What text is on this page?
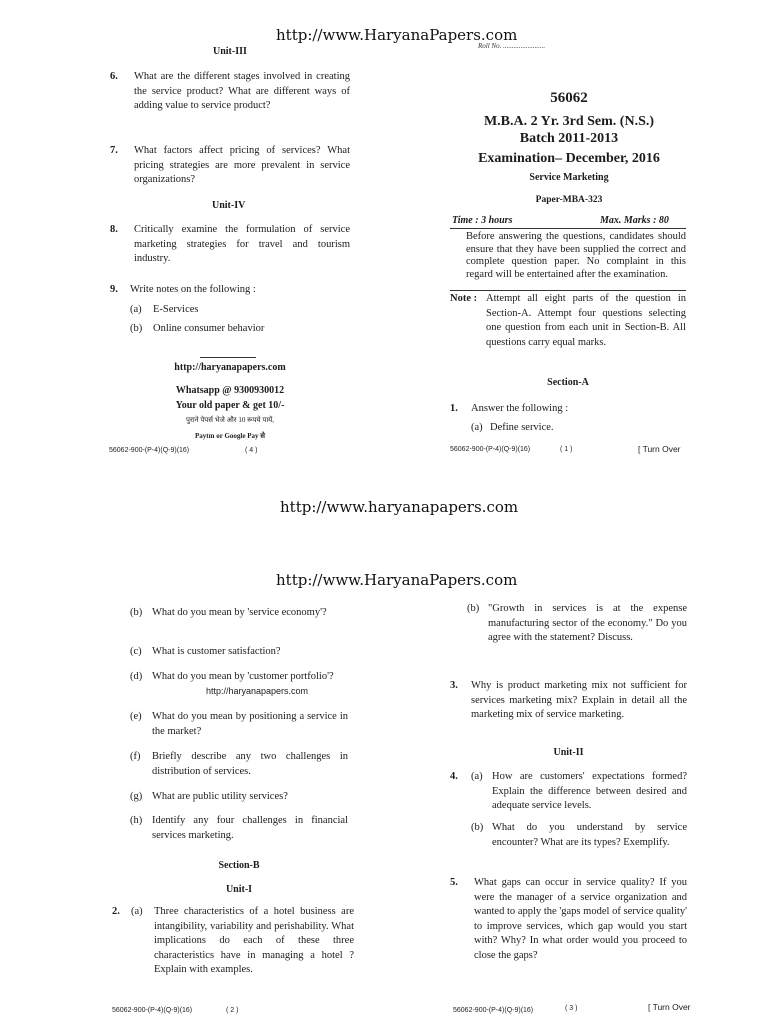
http://www.HaryanaPapers.com
Unit-III
6. What are the different stages involved in creating the service product? What are different ways of adding value to service product?
7. What factors affect pricing of services? What pricing strategies are more prevalent in service organizations?
Unit-IV
8. Critically examine the formulation of service marketing strategies for travel and tourism industry.
9. Write notes on the following :
(a) E-Services
(b) Online consumer behavior
http://haryanapapers.com
Whatsapp @ 9300930012
Your old paper & get 10/-
पुराने पेपर्स भेजे और 10 रूपये पायें,
Paytm or Google Pay से
56062-900-(P-4)(Q-9)(16)	( 4 )
Roll No. ........................
56062
M.B.A. 2 Yr. 3rd Sem. (N.S.)
Batch 2011-2013
Examination– December, 2016
Service Marketing
Paper-MBA-323
Time : 3 hours	Max. Marks : 80
Before answering the questions, candidates should ensure that they have been supplied the correct and complete question paper. No complaint in this regard will be entertained after the examination.
Note : Attempt all eight parts of the question in Section-A. Attempt four questions selecting one question from each unit in Section-B. All questions carry equal marks.
Section-A
1. Answer the following :
(a) Define service.
56062-900-(P-4)(Q-9)(16)	( 1 )	[ Turn Over
http://www.haryanapapers.com
http://www.HaryanaPapers.com
(b) What do you mean by 'service economy'?
(c) What is customer satisfaction?
(d) What do you mean by 'customer portfolio'?
http://haryanapapers.com
(e) What do you mean by positioning a service in the market?
(f) Briefly describe any two challenges in distribution of services.
(g) What are public utility services?
(h) Identify any four challenges in financial services marketing.
Section-B
Unit-I
2. (a) Three characteristics of a hotel business are intangibility, variability and perishability. What implications do each of these three characteristics have in managing a hotel ? Explain with examples.
56062-900-(P-4)(Q-9)(16)	( 2 )
(b) "Growth in services is at the expense manufacturing sector of the economy." Do you agree with the statement? Discuss.
3. Why is product marketing mix not sufficient for services marketing mix? Explain in detail all the marketing mix of service marketing.
Unit-II
4. (a) How are customers' expectations formed? Explain the difference between desired and adequate service levels.
(b) What do you understand by service encounter? What are its types? Exemplify.
5. What gaps can occur in service quality? If you were the manager of a service organization and wanted to apply the 'gaps model of service quality' to improve services, which gap would you start with? Why? In what order would you proceed to close the gaps?
56062-900-(P-4)(Q-9)(16)	( 3 )	[ Turn Over
